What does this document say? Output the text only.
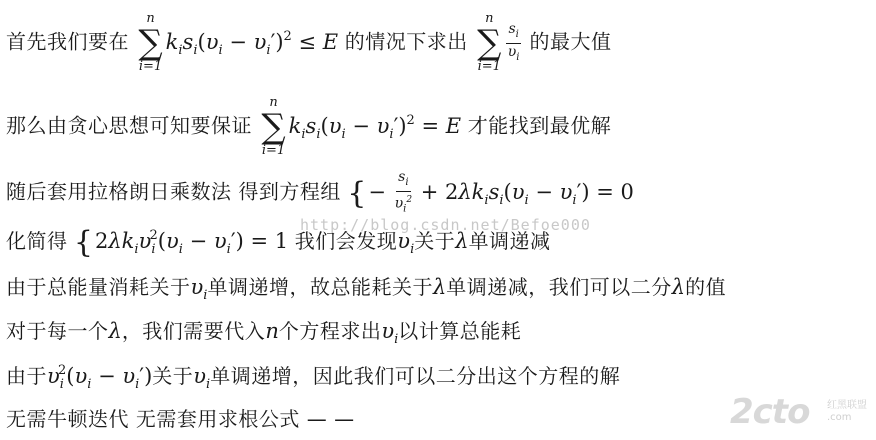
首先我们要在
n
∑
i=1
$k_is_i(\upsilon_i - \upsilon_i')^2 \le E$ 的情况下求出
n
∑
i=1
$\frac{s_i}{\upsilon_i}$ 的最大值
那么由贪心思想可知要保证
n
∑
i=1
$k_is_i(\upsilon_i - \upsilon_i')^2 = E$ 才能找到最优解
随后套用拉格朗日乘数法 得到方程组 {− $\frac{s_i}{\upsilon_i^2} + 2\lambda k_is_i(\upsilon_i - \upsilon_i') = 0$
化简得 {$2\lambda k_i\upsilon_i^2(\upsilon_i - \upsilon_i') = 1$ 我们会发现$\upsilon_i$关于λ单调递减
由于总能量消耗关于$\upsilon_i$单调递增，故总能耗关于λ单调递减，我们可以二分λ的值
对于每一个λ，我们需要代入n个方程求出$\upsilon_i$以计算总能耗
由于$\upsilon_i^2(\upsilon_i - \upsilon_i')$关于$\upsilon_i$单调递增，因此我们可以二分出这个方程的解
无需牛顿迭代 无需套用求根公式 — —
http://blog.csdn.net/Befoe000
2cto 红黑联盟
.com
